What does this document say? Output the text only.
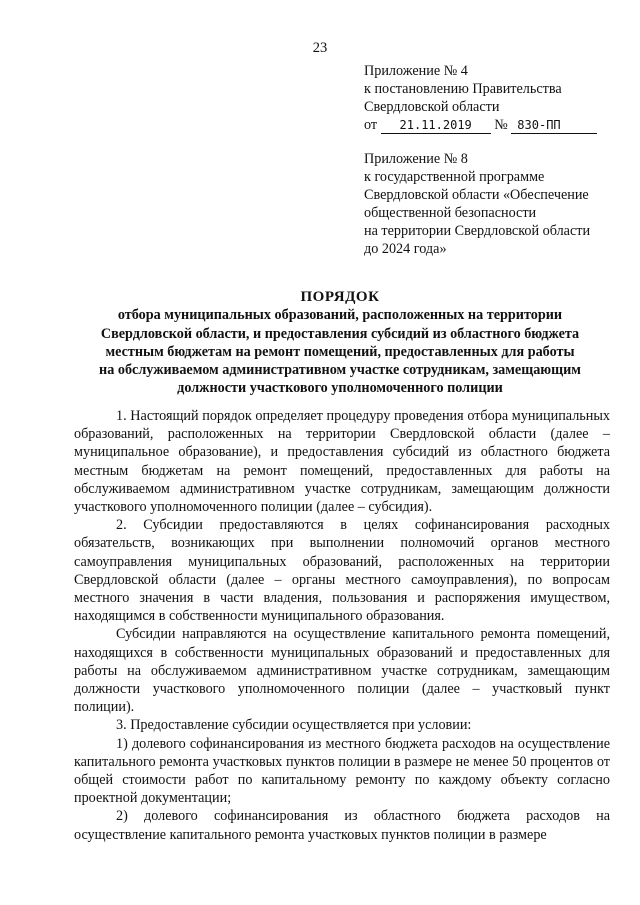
23
Приложение № 4
к постановлению Правительства
Свердловской области
от 21.11.2019 № 830-ПП
Приложение № 8
к государственной программе
Свердловской области «Обеспечение
общественной безопасности
на территории Свердловской области
до 2024 года»
ПОРЯДОК
отбора муниципальных образований, расположенных на территории
Свердловской области, и предоставления субсидий из областного бюджета
местным бюджетам на ремонт помещений, предоставленных для работы
на обслуживаемом административном участке сотрудникам, замещающим
должности участкового уполномоченного полиции

1. Настоящий порядок определяет процедуру проведения отбора муниципальных образований, расположенных на территории Свердловской области (далее – муниципальное образование), и предоставления субсидий из областного бюджета местным бюджетам на ремонт помещений, предоставленных для работы на обслуживаемом административном участке сотрудникам, замещающим должности участкового уполномоченного полиции (далее – субсидия).

2. Субсидии предоставляются в целях софинансирования расходных обязательств, возникающих при выполнении полномочий органов местного самоуправления муниципальных образований, расположенных на территории Свердловской области (далее – органы местного самоуправления), по вопросам местного значения в части владения, пользования и распоряжения имуществом, находящимся в собственности муниципального образования.

Субсидии направляются на осуществление капитального ремонта помещений, находящихся в собственности муниципальных образований и предоставленных для работы на обслуживаемом административном участке сотрудникам, замещающим должности участкового уполномоченного полиции (далее – участковый пункт полиции).

3. Предоставление субсидии осуществляется при условии:

1) долевого софинансирования из местного бюджета расходов на осуществление капитального ремонта участковых пунктов полиции в размере не менее 50 процентов от общей стоимости работ по капитальному ремонту по каждому объекту согласно проектной документации;

2) долевого софинансирования из областного бюджета расходов на осуществление капитального ремонта участковых пунктов полиции в размере
